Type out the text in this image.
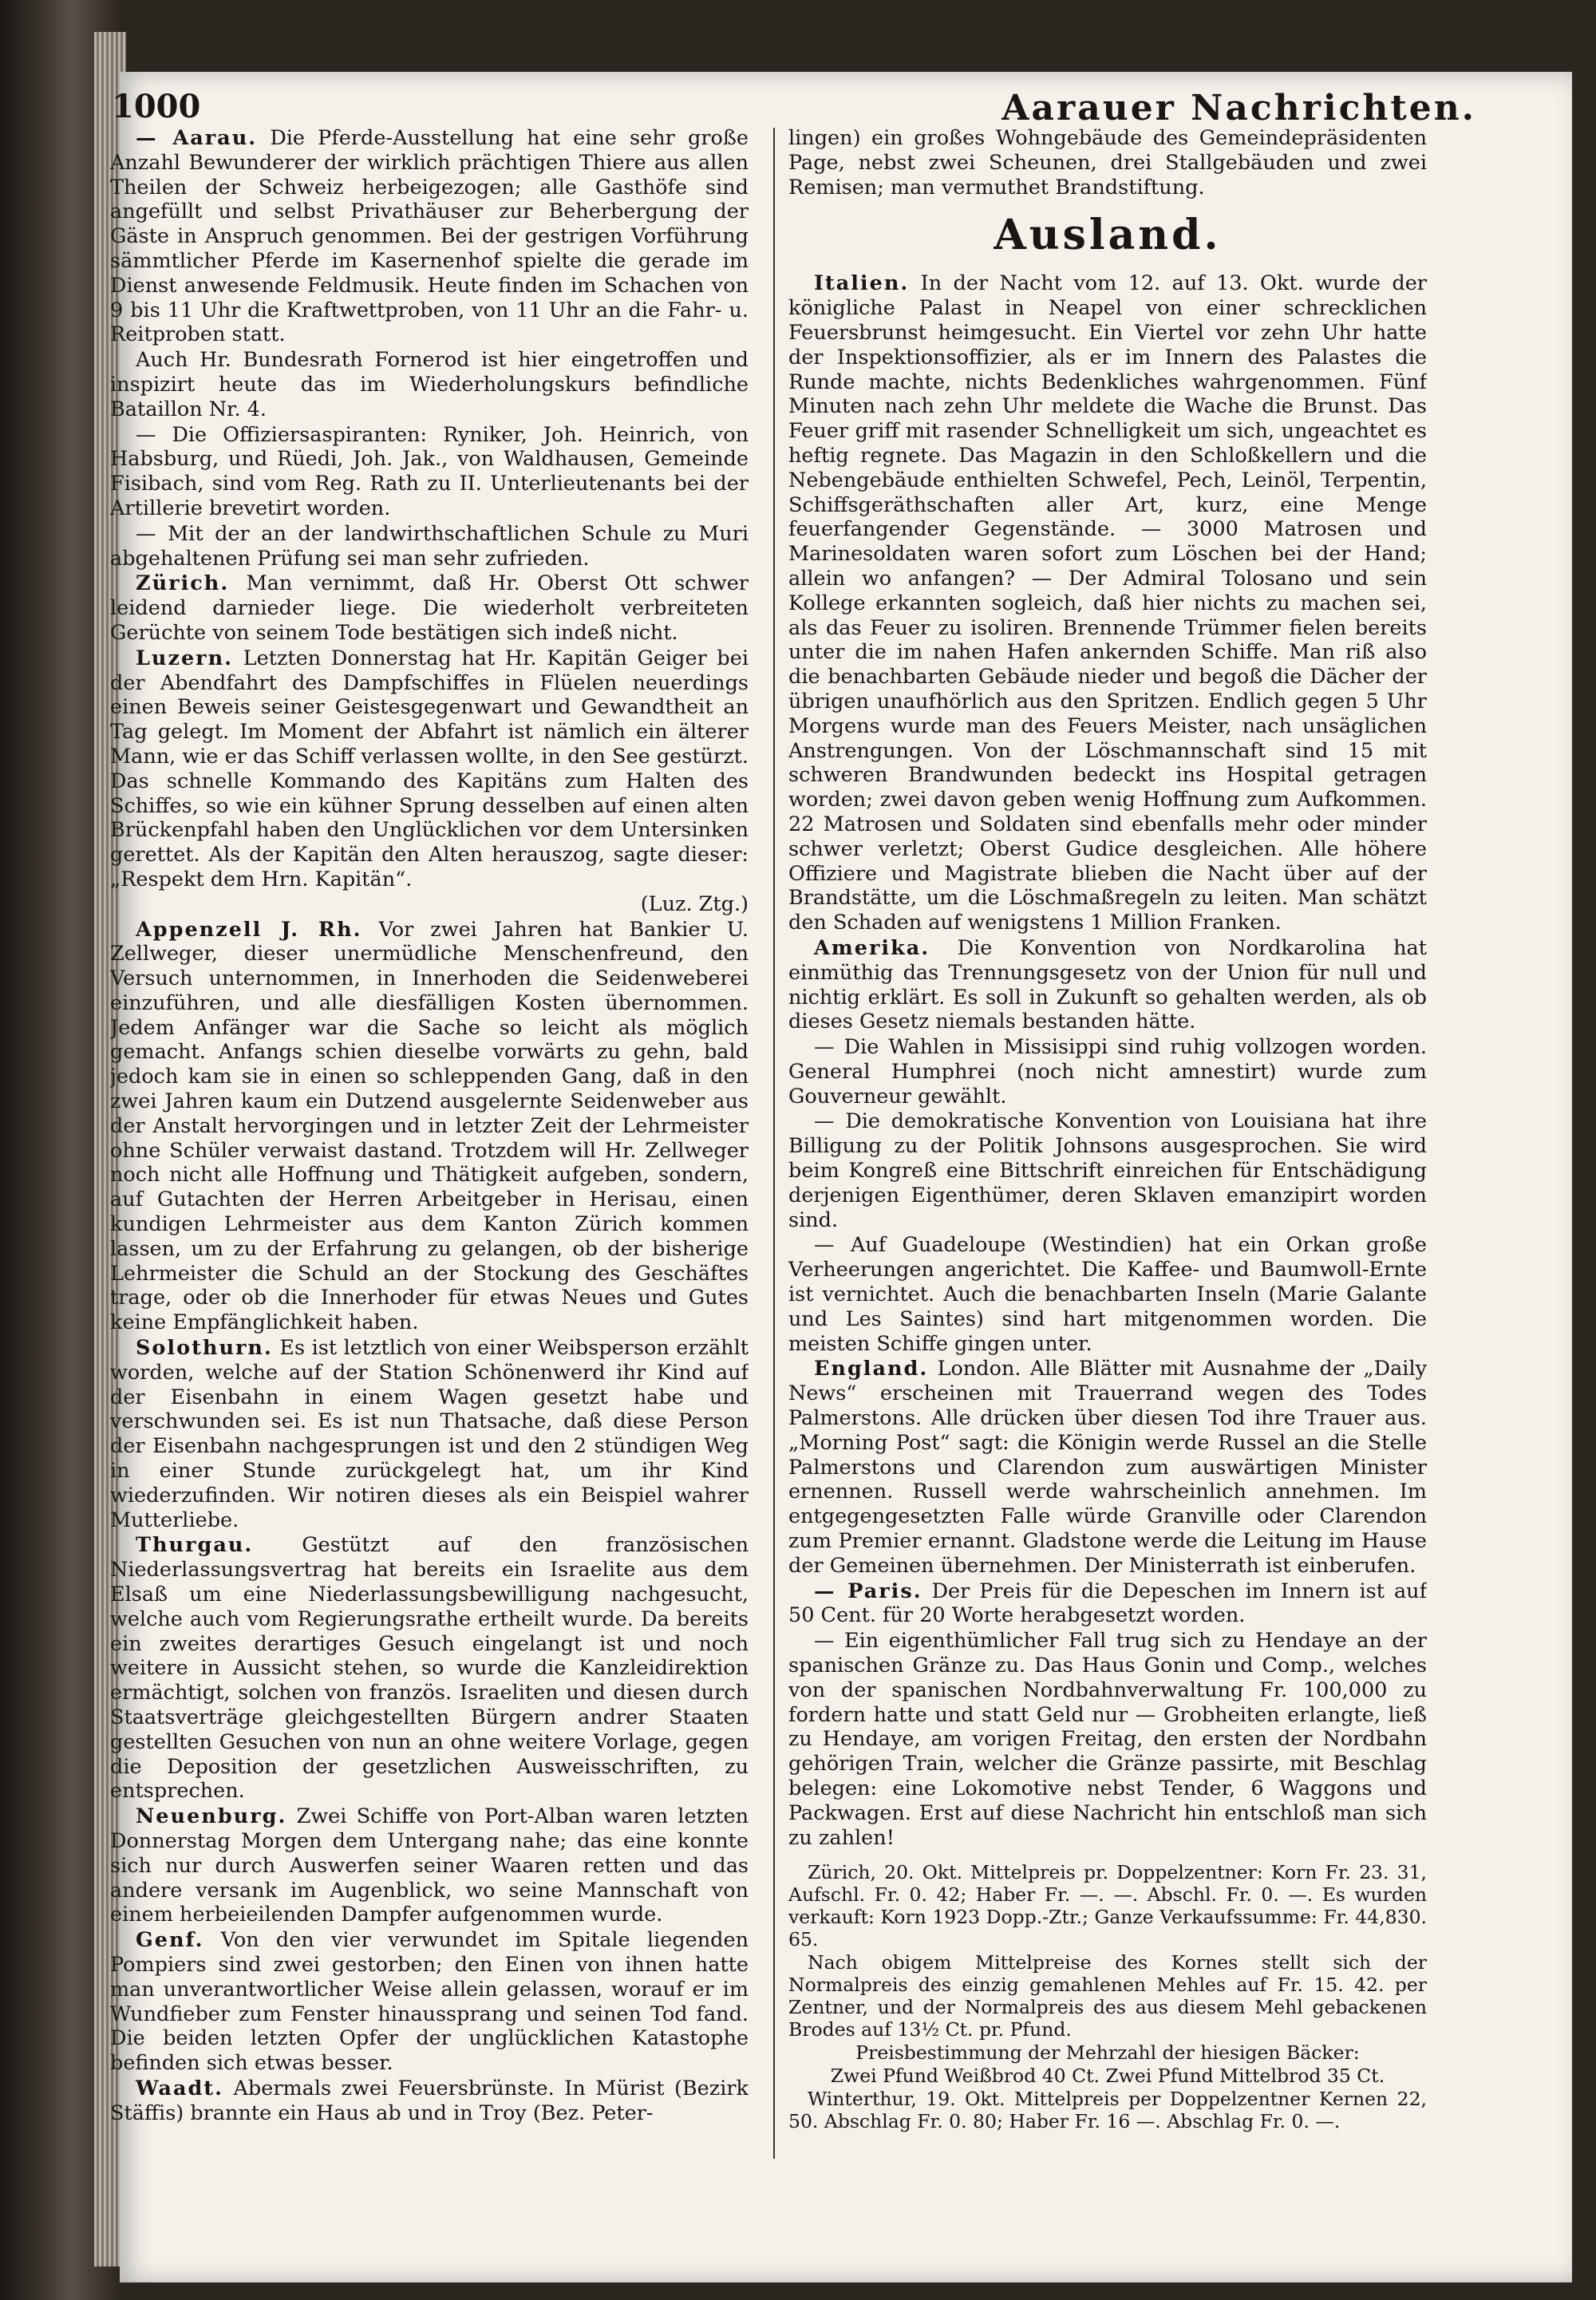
1000	Aarauer Nachrichten.

— Aarau. Die Pferde-Ausstellung hat eine sehr große Anzahl Bewunderer der wirklich prächtigen Thiere aus allen Theilen der Schweiz herbeigezogen; alle Gasthöfe sind angefüllt und selbst Privathäuser zur Beherbergung der Gäste in Anspruch genommen. Bei der gestrigen Vorführung sämmtlicher Pferde im Kasernenhof spielte die gerade im Dienst anwesende Feldmusik. Heute finden im Schachen von 9 bis 11 Uhr die Kraftwettproben, von 11 Uhr an die Fahr- u. Reitproben statt.

Auch Hr. Bundesrath Fornerod ist hier eingetroffen und inspizirt heute das im Wiederholungskurs befindliche Bataillon Nr. 4.

— Die Offiziersaspiranten: Ryniker, Joh. Heinrich, von Habsburg, und Rüedi, Joh. Jak., von Waldhausen, Gemeinde Fisibach, sind vom Reg. Rath zu II. Unterlieutenants bei der Artillerie brevetirt worden.

— Mit der an der landwirthschaftlichen Schule zu Muri abgehaltenen Prüfung sei man sehr zufrieden.

Zürich. Man vernimmt, daß Hr. Oberst Ott schwer leidend darnieder liege. Die wiederholt verbreiteten Gerüchte von seinem Tode bestätigen sich indeß nicht.

Luzern. Letzten Donnerstag hat Hr. Kapitän Geiger bei der Abendfahrt des Dampfschiffes in Flüelen neuerdings einen Beweis seiner Geistesgegenwart und Gewandtheit an Tag gelegt. Im Moment der Abfahrt ist nämlich ein älterer Mann, wie er das Schiff verlassen wollte, in den See gestürzt. Das schnelle Kommando des Kapitäns zum Halten des Schiffes, so wie ein kühner Sprung desselben auf einen alten Brückenpfahl haben den Unglücklichen vor dem Untersinken gerettet. Als der Kapitän den Alten herauszog, sagte dieser: „Respekt dem Hrn. Kapitän“.
(Luz. Ztg.)

Appenzell J. Rh. Vor zwei Jahren hat Bankier U. Zellweger, dieser unermüdliche Menschenfreund, den Versuch unternommen, in Innerhoden die Seidenweberei einzuführen, und alle diesfälligen Kosten übernommen. Jedem Anfänger war die Sache so leicht als möglich gemacht. Anfangs schien dieselbe vorwärts zu gehn, bald jedoch kam sie in einen so schleppenden Gang, daß in den zwei Jahren kaum ein Dutzend ausgelernte Seidenweber aus der Anstalt hervorgingen und in letzter Zeit der Lehrmeister ohne Schüler verwaist dastand. Trotzdem will Hr. Zellweger noch nicht alle Hoffnung und Thätigkeit aufgeben, sondern, auf Gutachten der Herren Arbeitgeber in Herisau, einen kundigen Lehrmeister aus dem Kanton Zürich kommen lassen, um zu der Erfahrung zu gelangen, ob der bisherige Lehrmeister die Schuld an der Stockung des Geschäftes trage, oder ob die Innerhoder für etwas Neues und Gutes keine Empfänglichkeit haben.

Solothurn. Es ist letztlich von einer Weibsperson erzählt worden, welche auf der Station Schönenwerd ihr Kind auf der Eisenbahn in einem Wagen gesetzt habe und verschwunden sei. Es ist nun Thatsache, daß diese Person der Eisenbahn nachgesprungen ist und den 2 stündigen Weg in einer Stunde zurückgelegt hat, um ihr Kind wiederzufinden. Wir notiren dieses als ein Beispiel wahrer Mutterliebe.

Thurgau. Gestützt auf den französischen Niederlassungsvertrag hat bereits ein Israelite aus dem Elsaß um eine Niederlassungsbewilligung nachgesucht, welche auch vom Regierungsrathe ertheilt wurde. Da bereits ein zweites derartiges Gesuch eingelangt ist und noch weitere in Aussicht stehen, so wurde die Kanzleidirektion ermächtigt, solchen von französ. Israeliten und diesen durch Staatsverträge gleichgestellten Bürgern andrer Staaten gestellten Gesuchen von nun an ohne weitere Vorlage, gegen die Deposition der gesetzlichen Ausweisschriften, zu entsprechen.

Neuenburg. Zwei Schiffe von Port-Alban waren letzten Donnerstag Morgen dem Untergang nahe; das eine konnte sich nur durch Auswerfen seiner Waaren retten und das andere versank im Augenblick, wo seine Mannschaft von einem herbeieilenden Dampfer aufgenommen wurde.

Genf. Von den vier verwundet im Spitale liegenden Pompiers sind zwei gestorben; den Einen von ihnen hatte man unverantwortlicher Weise allein gelassen, worauf er im Wundfieber zum Fenster hinaussprang und seinen Tod fand. Die beiden letzten Opfer der unglücklichen Katastophe befinden sich etwas besser.

Waadt. Abermals zwei Feuersbrünste. In Mürist (Bezirk Stäffis) brannte ein Haus ab und in Troy (Bez. Peter-

lingen) ein großes Wohngebäude des Gemeindepräsidenten Page, nebst zwei Scheunen, drei Stallgebäuden und zwei Remisen; man vermuthet Brandstiftung.

Ausland.

Italien. In der Nacht vom 12. auf 13. Okt. wurde der königliche Palast in Neapel von einer schrecklichen Feuersbrunst heimgesucht. Ein Viertel vor zehn Uhr hatte der Inspektionsoffizier, als er im Innern des Palastes die Runde machte, nichts Bedenkliches wahrgenommen. Fünf Minuten nach zehn Uhr meldete die Wache die Brunst. Das Feuer griff mit rasender Schnelligkeit um sich, ungeachtet es heftig regnete. Das Magazin in den Schloßkellern und die Nebengebäude enthielten Schwefel, Pech, Leinöl, Terpentin, Schiffsgeräthschaften aller Art, kurz, eine Menge feuerfangender Gegenstände. — 3000 Matrosen und Marinesoldaten waren sofort zum Löschen bei der Hand; allein wo anfangen? — Der Admiral Tolosano und sein Kollege erkannten sogleich, daß hier nichts zu machen sei, als das Feuer zu isoliren. Brennende Trümmer fielen bereits unter die im nahen Hafen ankernden Schiffe. Man riß also die benachbarten Gebäude nieder und begoß die Dächer der übrigen unaufhörlich aus den Spritzen. Endlich gegen 5 Uhr Morgens wurde man des Feuers Meister, nach unsäglichen Anstrengungen. Von der Löschmannschaft sind 15 mit schweren Brandwunden bedeckt ins Hospital getragen worden; zwei davon geben wenig Hoffnung zum Aufkommen. 22 Matrosen und Soldaten sind ebenfalls mehr oder minder schwer verletzt; Oberst Gudice desgleichen. Alle höhere Offiziere und Magistrate blieben die Nacht über auf der Brandstätte, um die Löschmaßregeln zu leiten. Man schätzt den Schaden auf wenigstens 1 Million Franken.

Amerika. Die Konvention von Nordkarolina hat einmüthig das Trennungsgesetz von der Union für null und nichtig erklärt. Es soll in Zukunft so gehalten werden, als ob dieses Gesetz niemals bestanden hätte.

— Die Wahlen in Missisippi sind ruhig vollzogen worden. General Humphrei (noch nicht amnestirt) wurde zum Gouverneur gewählt.

— Die demokratische Konvention von Louisiana hat ihre Billigung zu der Politik Johnsons ausgesprochen. Sie wird beim Kongreß eine Bittschrift einreichen für Entschädigung derjenigen Eigenthümer, deren Sklaven emanzipirt worden sind.

— Auf Guadeloupe (Westindien) hat ein Orkan große Verheerungen angerichtet. Die Kaffee- und Baumwoll-Ernte ist vernichtet. Auch die benachbarten Inseln (Marie Galante und Les Saintes) sind hart mitgenommen worden. Die meisten Schiffe gingen unter.

England. London. Alle Blätter mit Ausnahme der „Daily News“ erscheinen mit Trauerrand wegen des Todes Palmerstons. Alle drücken über diesen Tod ihre Trauer aus. „Morning Post“ sagt: die Königin werde Russel an die Stelle Palmerstons und Clarendon zum auswärtigen Minister ernennen. Russell werde wahrscheinlich annehmen. Im entgegengesetzten Falle würde Granville oder Clarendon zum Premier ernannt. Gladstone werde die Leitung im Hause der Gemeinen übernehmen. Der Ministerrath ist einberufen.

— Paris. Der Preis für die Depeschen im Innern ist auf 50 Cent. für 20 Worte herabgesetzt worden.

— Ein eigenthümlicher Fall trug sich zu Hendaye an der spanischen Gränze zu. Das Haus Gonin und Comp., welches von der spanischen Nordbahnverwaltung Fr. 100,000 zu fordern hatte und statt Geld nur — Grobheiten erlangte, ließ zu Hendaye, am vorigen Freitag, den ersten der Nordbahn gehörigen Train, welcher die Gränze passirte, mit Beschlag belegen: eine Lokomotive nebst Tender, 6 Waggons und Packwagen. Erst auf diese Nachricht hin entschloß man sich zu zahlen!

Zürich, 20. Okt. Mittelpreis pr. Doppelzentner: Korn Fr. 23. 31, Aufschl. Fr. 0. 42; Haber Fr. —. —. Abschl. Fr. 0. —. Es wurden verkauft: Korn 1923 Dopp.-Ztr.; Ganze Verkaufssumme: Fr. 44,830. 65.

Nach obigem Mittelpreise des Kornes stellt sich der Normalpreis des einzig gemahlenen Mehles auf Fr. 15. 42. per Zentner, und der Normalpreis des aus diesem Mehl gebackenen Brodes auf 13½ Ct. pr. Pfund.

Preisbestimmung der Mehrzahl der hiesigen Bäcker:

Zwei Pfund Weißbrod 40 Ct. Zwei Pfund Mittelbrod 35 Ct.

Winterthur, 19. Okt. Mittelpreis per Doppelzentner Kernen 22, 50. Abschlag Fr. 0. 80; Haber Fr. 16 —. Abschlag Fr. 0. —.
